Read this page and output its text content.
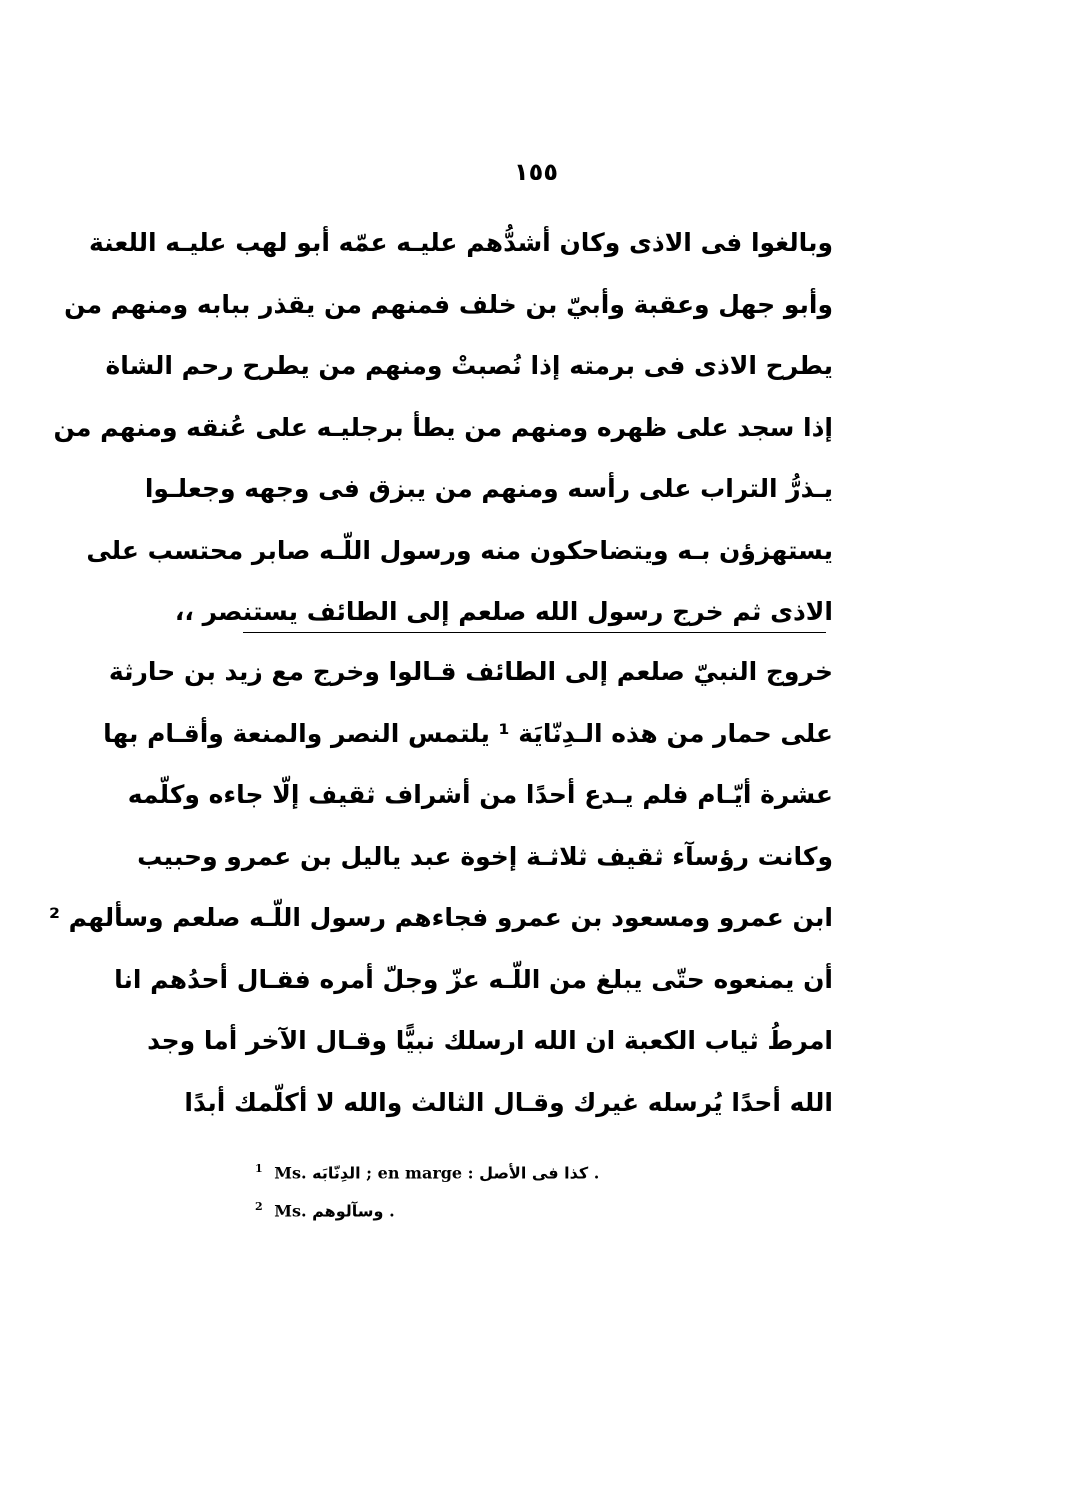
١٥٥
وبالغوا فى الاذى وكان أشدُّهم عليـه عمّه أبو لهب عليـه اللعنة
وأبو جهل وعقبة وأبيّ بن خلف فمنهم من يقذر ببابه ومنهم من
يطرح الاذى فى برمته إذا نُصبتْ ومنهم من يطرح رحم الشاة
إذا سجد على ظهره ومنهم من يطأ برجليـه على عُنقه ومنهم من
يـذرُّ التراب على رأسه ومنهم من يبزق فى وجهه وجعلـوا
يستهزؤن بـه ويتضاحكون منه ورسول اللّـه صابر محتسب على
الاذى ثم خرج رسول الله صلعم إلى الطائف يستنصر ،،
خروج النبيّ صلعم إلى الطائف قـالوا وخرج مع زيد بن حارثة
على حمار من هذه الـدِنّايَة ¹ يلتمس النصر والمنعة وأقـام بها
عشرة أيّـام فلم يـدع أحدًا من أشراف ثقيف إلّا جاءه وكلّمه
وكانت رؤسآء ثقيف ثلاثـة إخوة عبد ياليل بن عمرو وحبيب
ابن عمرو ومسعود بن عمرو فجاءهم رسول اللّـه صلعم وسألهم ²
أن يمنعوه حتّى يبلغ من اللّـه عزّ وجلّ أمره فقـال أحدُهم انا
امرطُ ثياب الكعبة ان الله ارسلك نبيًّا وقـال الآخر أما وجد
الله أحدًا يُرسله غيرك وقـال الثالث والله لا أكلّمك أبدًا
$^1$ Ms. الدِنّابَه ; en marge : كذا فى الأصل .
$^2$ Ms. وسآلوهم .
